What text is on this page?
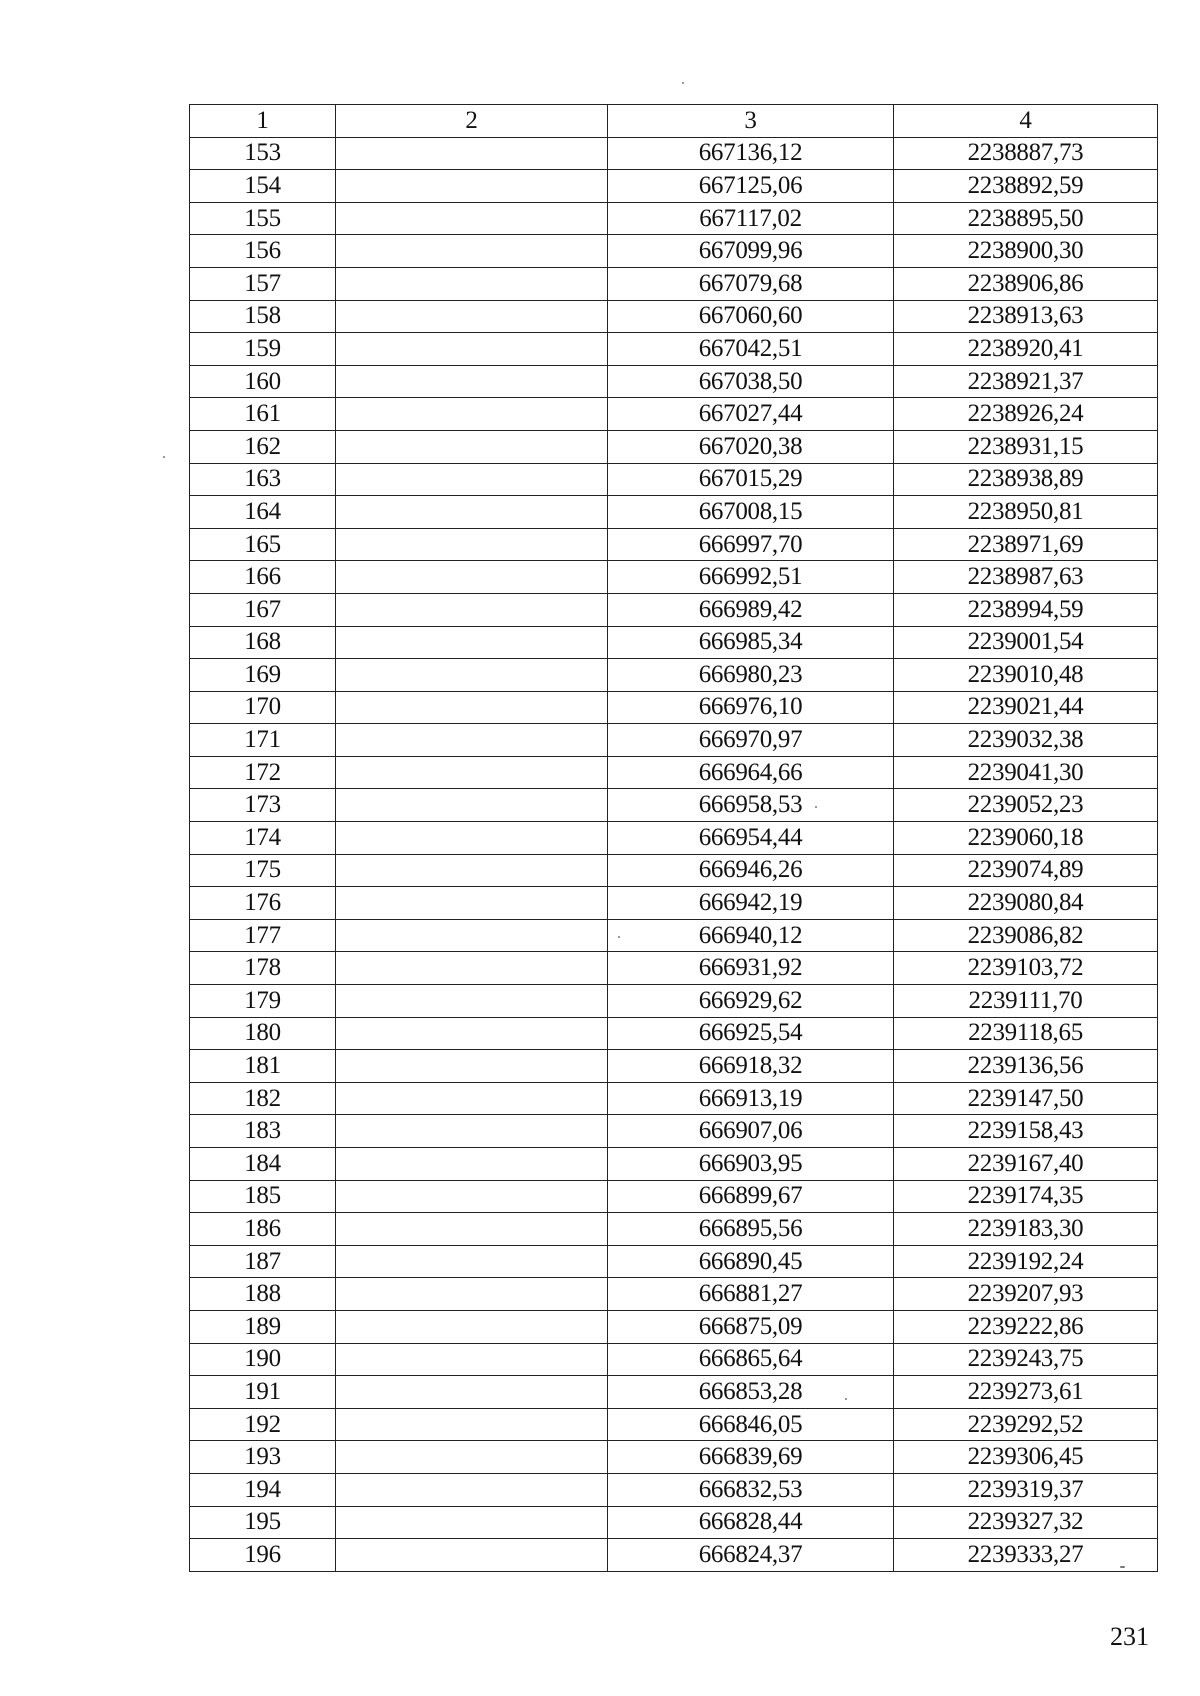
1	2	3	4
153		667136,12	2238887,73
154		667125,06	2238892,59
155		667117,02	2238895,50
156		667099,96	2238900,30
157		667079,68	2238906,86
158		667060,60	2238913,63
159		667042,51	2238920,41
160		667038,50	2238921,37
161		667027,44	2238926,24
162		667020,38	2238931,15
163		667015,29	2238938,89
164		667008,15	2238950,81
165		666997,70	2238971,69
166		666992,51	2238987,63
167		666989,42	2238994,59
168		666985,34	2239001,54
169		666980,23	2239010,48
170		666976,10	2239021,44
171		666970,97	2239032,38
172		666964,66	2239041,30
173		666958,53	2239052,23
174		666954,44	2239060,18
175		666946,26	2239074,89
176		666942,19	2239080,84
177		666940,12	2239086,82
178		666931,92	2239103,72
179		666929,62	2239111,70
180		666925,54	2239118,65
181		666918,32	2239136,56
182		666913,19	2239147,50
183		666907,06	2239158,43
184		666903,95	2239167,40
185		666899,67	2239174,35
186		666895,56	2239183,30
187		666890,45	2239192,24
188		666881,27	2239207,93
189		666875,09	2239222,86
190		666865,64	2239243,75
191		666853,28	2239273,61
192		666846,05	2239292,52
193		666839,69	2239306,45
194		666832,53	2239319,37
195		666828,44	2239327,32
196		666824,37	2239333,27
231
